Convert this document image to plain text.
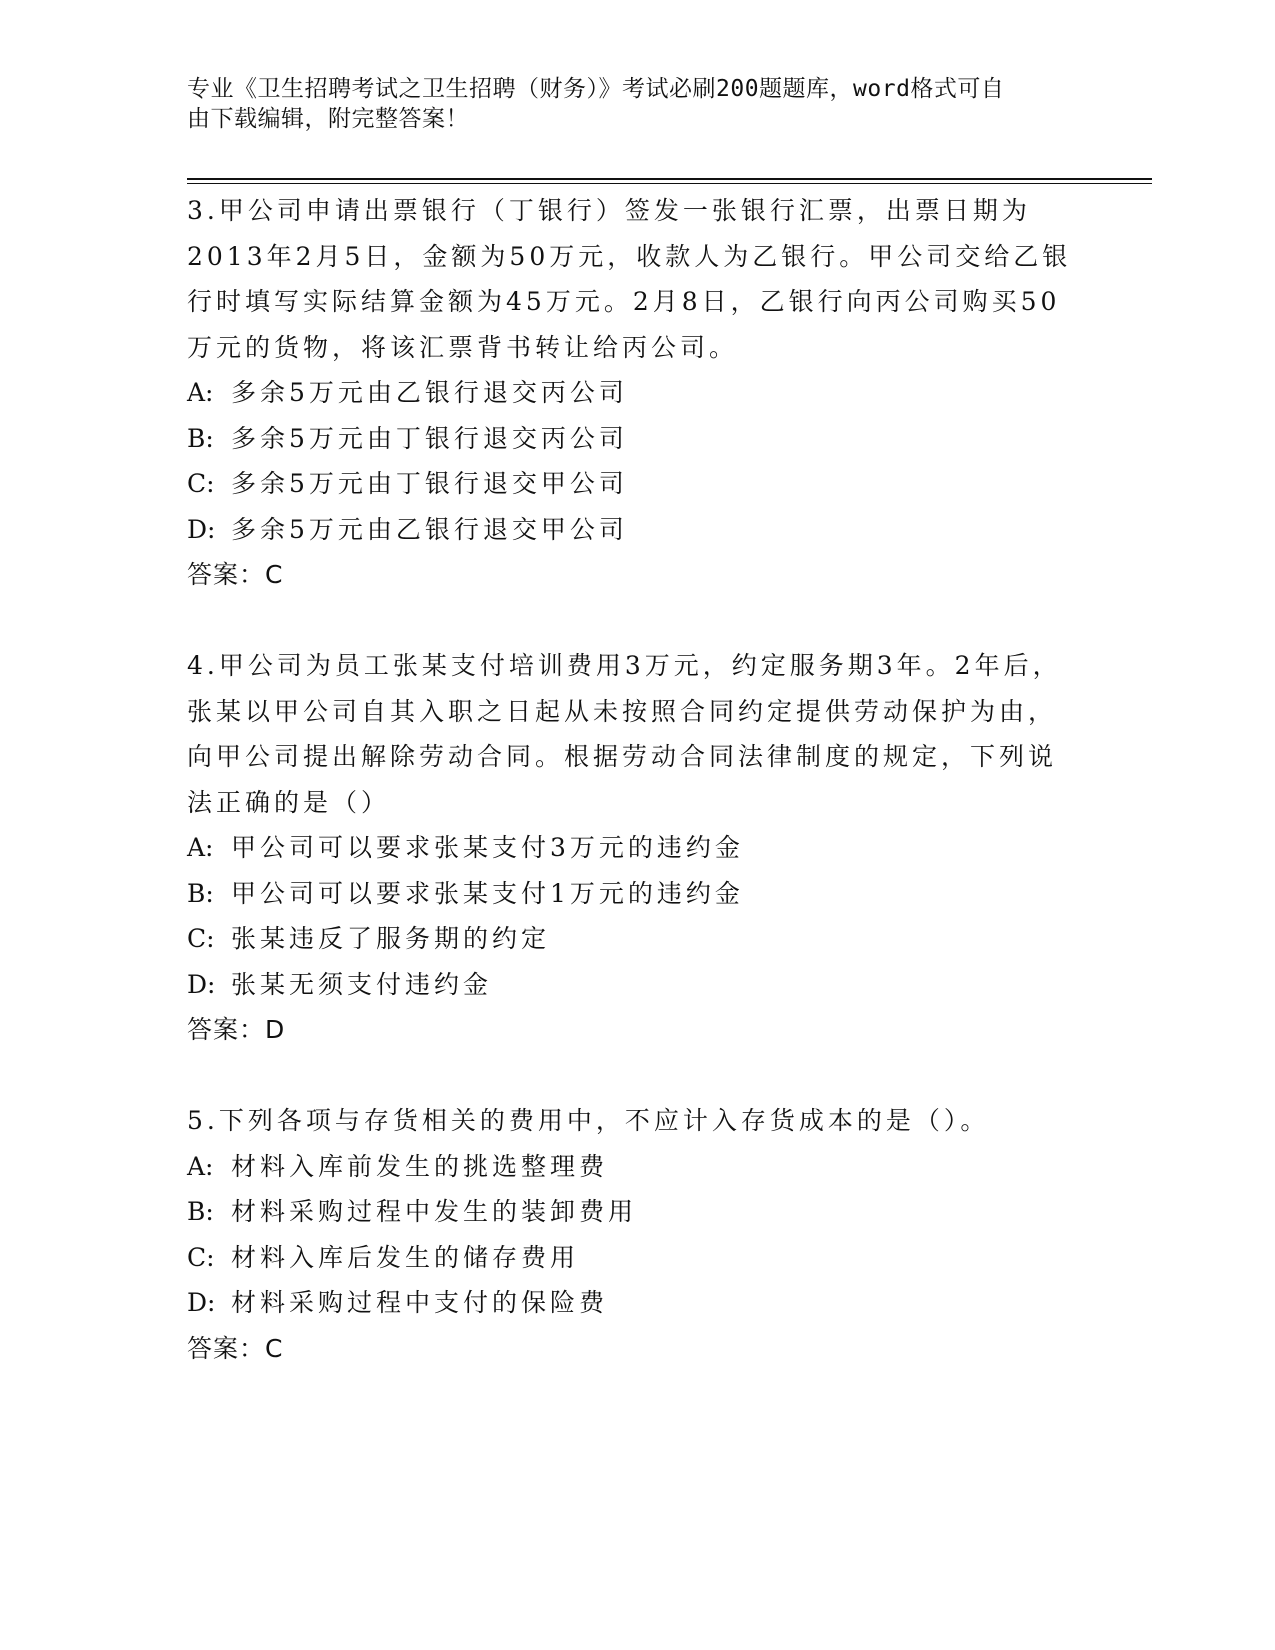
专业《卫生招聘考试之卫生招聘（财务）》考试必刷200题题库，word格式可自
由下载编辑，附完整答案！
3.甲公司申请出票银行（丁银行）签发一张银行汇票，出票日期为
2013年2月5日，金额为50万元，收款人为乙银行。甲公司交给乙银
行时填写实际结算金额为45万元。2月8日，乙银行向丙公司购买50
万元的货物，将该汇票背书转让给丙公司。
A: 多余5万元由乙银行退交丙公司
B: 多余5万元由丁银行退交丙公司
C: 多余5万元由丁银行退交甲公司
D: 多余5万元由乙银行退交甲公司
答案：C
4.甲公司为员工张某支付培训费用3万元，约定服务期3年。2年后，
张某以甲公司自其入职之日起从未按照合同约定提供劳动保护为由，
向甲公司提出解除劳动合同。根据劳动合同法律制度的规定，下列说
法正确的是（）
A: 甲公司可以要求张某支付3万元的违约金
B: 甲公司可以要求张某支付1万元的违约金
C: 张某违反了服务期的约定
D: 张某无须支付违约金
答案：D
5.下列各项与存货相关的费用中，不应计入存货成本的是（）。
A: 材料入库前发生的挑选整理费
B: 材料采购过程中发生的装卸费用
C: 材料入库后发生的储存费用
D: 材料采购过程中支付的保险费
答案：C
